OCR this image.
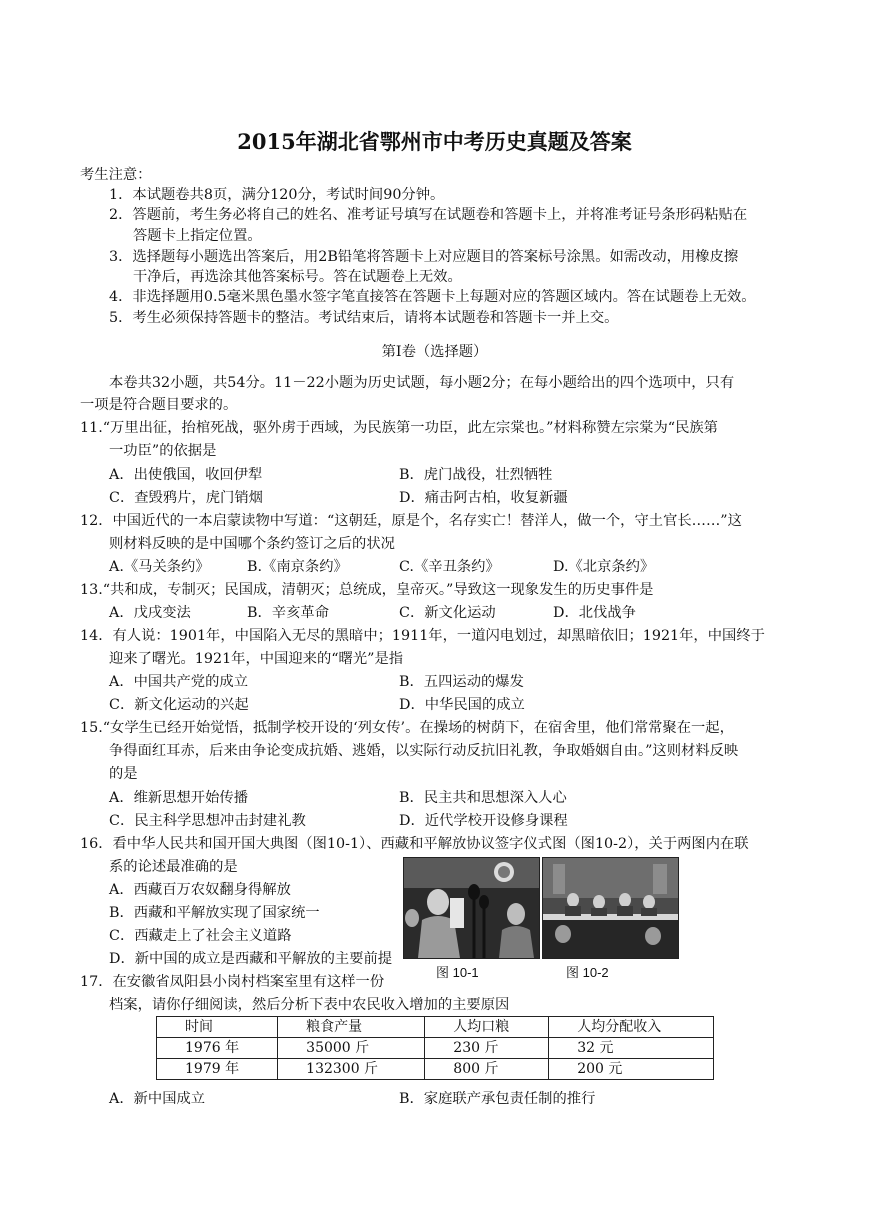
2015年湖北省鄂州市中考历史真题及答案
考生注意：
1．本试题卷共8页，满分120分，考试时间90分钟。
2．答题前，考生务必将自己的姓名、准考证号填写在试题卷和答题卡上，并将准考证号条形码粘贴在
答题卡上指定位置。
3．选择题每小题选出答案后，用2B铅笔将答题卡上对应题目的答案标号涂黑。如需改动，用橡皮擦
干净后，再选涂其他答案标号。答在试题卷上无效。
4．非选择题用0.5毫米黑色墨水签字笔直接答在答题卡上每题对应的答题区域内。答在试题卷上无效。
5．考生必须保持答题卡的整洁。考试结束后，请将本试题卷和答题卡一并上交。
第Ⅰ卷（选择题）
本卷共32小题，共54分。11－22小题为历史试题，每小题2分；在每小题给出的四个选项中，只有
一项是符合题目要求的。
11.“万里出征，抬棺死战，驱外虏于西域，为民族第一功臣，此左宗棠也。”材料称赞左宗棠为“民族第
一功臣”的依据是
A．出使俄国，收回伊犁	B．虎门战役，壮烈牺牲
C．查毁鸦片，虎门销烟	D．痛击阿古柏，收复新疆
12．中国近代的一本启蒙读物中写道：“这朝廷，原是个，名存实亡！替洋人，做一个，守土官长……”这
则材料反映的是中国哪个条约签订之后的状况
A.《马关条约》	B.《南京条约》	C.《辛丑条约》	D.《北京条约》
13.“共和成，专制灭；民国成，清朝灭；总统成，皇帝灭。”导致这一现象发生的历史事件是
A．戊戌变法	B．辛亥革命	C．新文化运动	D．北伐战争
14．有人说：1901年，中国陷入无尽的黑暗中；1911年，一道闪电划过，却黑暗依旧；1921年，中国终于
迎来了曙光。1921年，中国迎来的“曙光”是指
A．中国共产党的成立	B．五四运动的爆发
C．新文化运动的兴起	D．中华民国的成立
15.“女学生已经开始觉悟，抵制学校开设的‘列女传’。在操场的树荫下，在宿舍里，他们常常聚在一起，
争得面红耳赤，后来由争论变成抗婚、逃婚，以实际行动反抗旧礼教，争取婚姻自由。”这则材料反映
的是
A．维新思想开始传播	B．民主共和思想深入人心
C．民主科学思想冲击封建礼教	D．近代学校开设修身课程
16．看中华人民共和国开国大典图（图10-1）、西藏和平解放协议签字仪式图（图10-2），关于两图内在联
系的论述最准确的是
A．西藏百万农奴翻身得解放
B．西藏和平解放实现了国家统一
C．西藏走上了社会主义道路
D．新中国的成立是西藏和平解放的主要前提
图 10-1	图 10-2
17．在安徽省凤阳县小岗村档案室里有这样一份
档案，请你仔细阅读，然后分析下表中农民收入增加的主要原因
时间	粮食产量	人均口粮	人均分配收入
1976 年	35000 斤	230 斤	32 元
1979 年	132300 斤	800 斤	200 元
A．新中国成立	B．家庭联产承包责任制的推行
